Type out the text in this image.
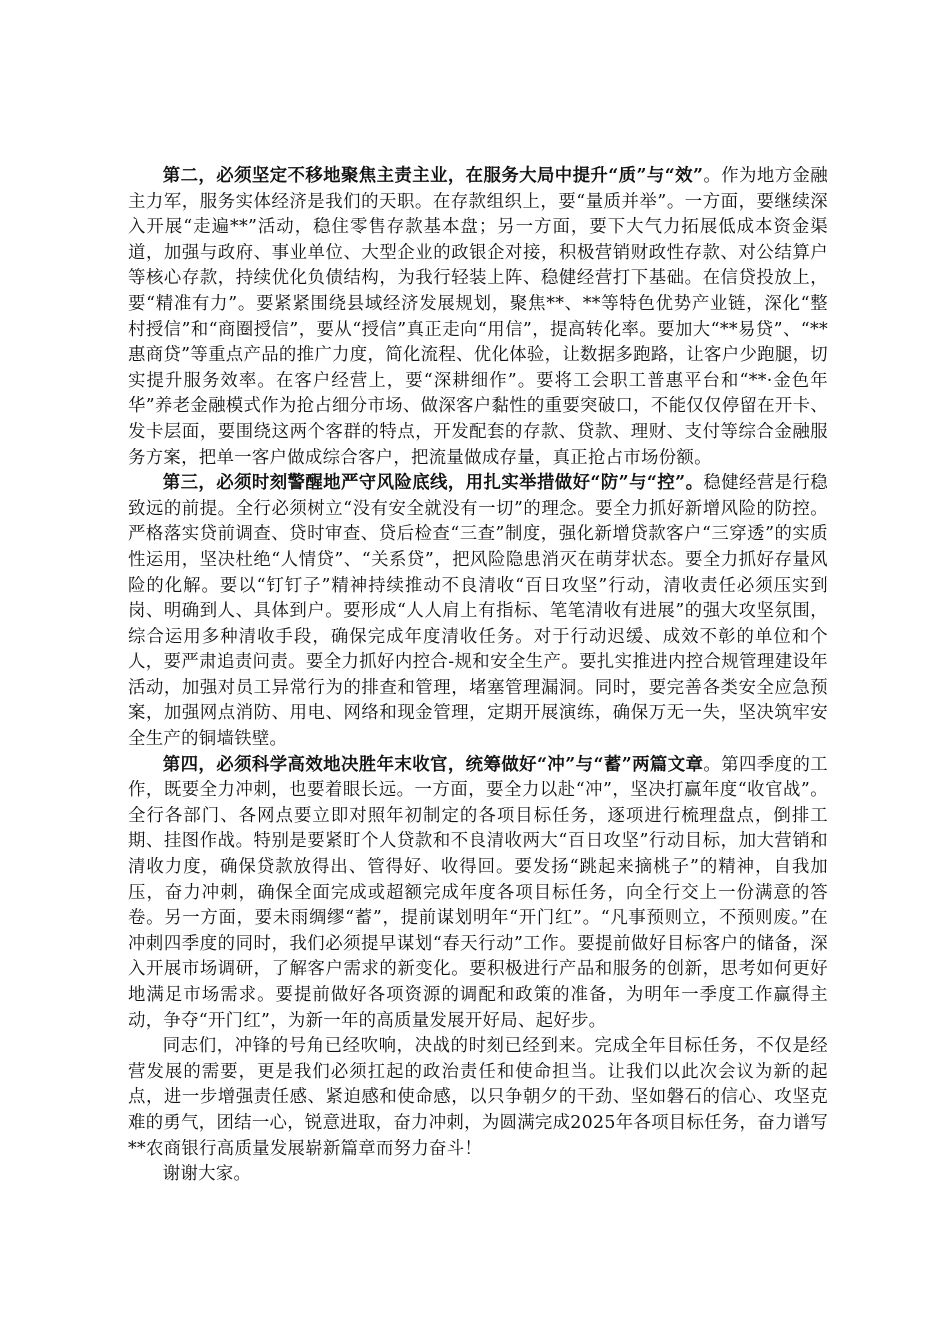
第二，必须坚定不移地聚焦主责主业，在服务大局中提升“质”与“效”。作为地方金融主力军，服务实体经济是我们的天职。在存款组织上，要“量质并举”。一方面，要继续深入开展“走遍**”活动，稳住零售存款基本盘；另一方面，要下大气力拓展低成本资金渠道，加强与政府、事业单位、大型企业的政银企对接，积极营销财政性存款、对公结算户等核心存款，持续优化负债结构，为我行轻装上阵、稳健经营打下基础。在信贷投放上，要“精准有力”。要紧紧围绕县域经济发展规划，聚焦**、**等特色优势产业链，深化“整村授信”和“商圈授信”，要从“授信”真正走向“用信”，提高转化率。要加大“**易贷”、“**惠商贷”等重点产品的推广力度，简化流程、优化体验，让数据多跑路，让客户少跑腿，切实提升服务效率。在客户经营上，要“深耕细作”。要将工会职工普惠平台和“**·金色年华”养老金融模式作为抢占细分市场、做深客户黏性的重要突破口，不能仅仅停留在开卡、发卡层面，要围绕这两个客群的特点，开发配套的存款、贷款、理财、支付等综合金融服务方案，把单一客户做成综合客户，把流量做成存量，真正抢占市场份额。

第三，必须时刻警醒地严守风险底线，用扎实举措做好“防”与“控”。稳健经营是行稳致远的前提。全行必须树立“没有安全就没有一切”的理念。要全力抓好新增风险的防控。严格落实贷前调查、贷时审查、贷后检查“三查”制度，强化新增贷款客户“三穿透”的实质性运用，坚决杜绝“人情贷”、“关系贷”，把风险隐患消灭在萌芽状态。要全力抓好存量风险的化解。要以“钉钉子”精神持续推动不良清收“百日攻坚”行动，清收责任必须压实到岗、明确到人、具体到户。要形成“人人肩上有指标、笔笔清收有进展”的强大攻坚氛围，综合运用多种清收手段，确保完成年度清收任务。对于行动迟缓、成效不彰的单位和个人，要严肃追责问责。要全力抓好内控合-规和安全生产。要扎实推进内控合规管理建设年活动，加强对员工异常行为的排查和管理，堵塞管理漏洞。同时，要完善各类安全应急预案，加强网点消防、用电、网络和现金管理，定期开展演练，确保万无一失，坚决筑牢安全生产的铜墙铁壁。

第四，必须科学高效地决胜年末收官，统筹做好“冲”与“蓄”两篇文章。第四季度的工作，既要全力冲刺，也要着眼长远。一方面，要全力以赴“冲”，坚决打赢年度“收官战”。全行各部门、各网点要立即对照年初制定的各项目标任务，逐项进行梳理盘点，倒排工期、挂图作战。特别是要紧盯个人贷款和不良清收两大“百日攻坚”行动目标，加大营销和清收力度，确保贷款放得出、管得好、收得回。要发扬“跳起来摘桃子”的精神，自我加压，奋力冲刺，确保全面完成或超额完成年度各项目标任务，向全行交上一份满意的答卷。另一方面，要未雨绸缪“蓄”，提前谋划明年“开门红”。“凡事预则立，不预则废。”在冲刺四季度的同时，我们必须提早谋划“春天行动”工作。要提前做好目标客户的储备，深入开展市场调研，了解客户需求的新变化。要积极进行产品和服务的创新，思考如何更好地满足市场需求。要提前做好各项资源的调配和政策的准备，为明年一季度工作赢得主动，争夺“开门红”，为新一年的高质量发展开好局、起好步。

同志们，冲锋的号角已经吹响，决战的时刻已经到来。完成全年目标任务，不仅是经营发展的需要，更是我们必须扛起的政治责任和使命担当。让我们以此次会议为新的起点，进一步增强责任感、紧迫感和使命感，以只争朝夕的干劲、坚如磐石的信心、攻坚克难的勇气，团结一心，锐意进取，奋力冲刺，为圆满完成2025年各项目标任务，奋力谱写**农商银行高质量发展崭新篇章而努力奋斗！

谢谢大家。
